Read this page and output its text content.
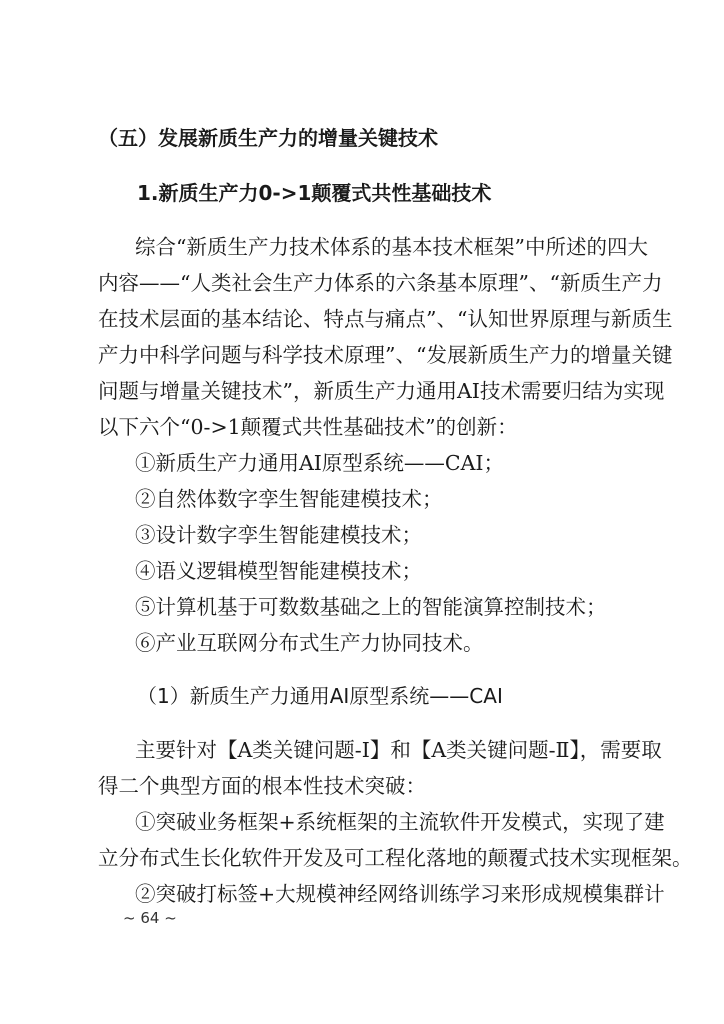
（五）发展新质生产力的增量关键技术
1.新质生产力0->1颠覆式共性基础技术
综合“新质生产力技术体系的基本技术框架”中所述的四大
内容——“人类社会生产力体系的六条基本原理”、“新质生产力
在技术层面的基本结论、特点与痛点”、“认知世界原理与新质生
产力中科学问题与科学技术原理”、“发展新质生产力的增量关键
问题与增量关键技术”，新质生产力通用AI技术需要归结为实现
以下六个“0->1颠覆式共性基础技术”的创新：
①新质生产力通用AI原型系统——CAI；
②自然体数字孪生智能建模技术；
③设计数字孪生智能建模技术；
④语义逻辑模型智能建模技术；
⑤计算机基于可数数基础之上的智能演算控制技术；
⑥产业互联网分布式生产力协同技术。
（1）新质生产力通用AI原型系统——CAI
主要针对【A类关键问题-Ⅰ】和【A类关键问题-Ⅱ】，需要取
得二个典型方面的根本性技术突破：
①突破业务框架+系统框架的主流软件开发模式，实现了建
立分布式生长化软件开发及可工程化落地的颠覆式技术实现框架。
②突破打标签+大规模神经网络训练学习来形成规模集群计
~ 64 ~
